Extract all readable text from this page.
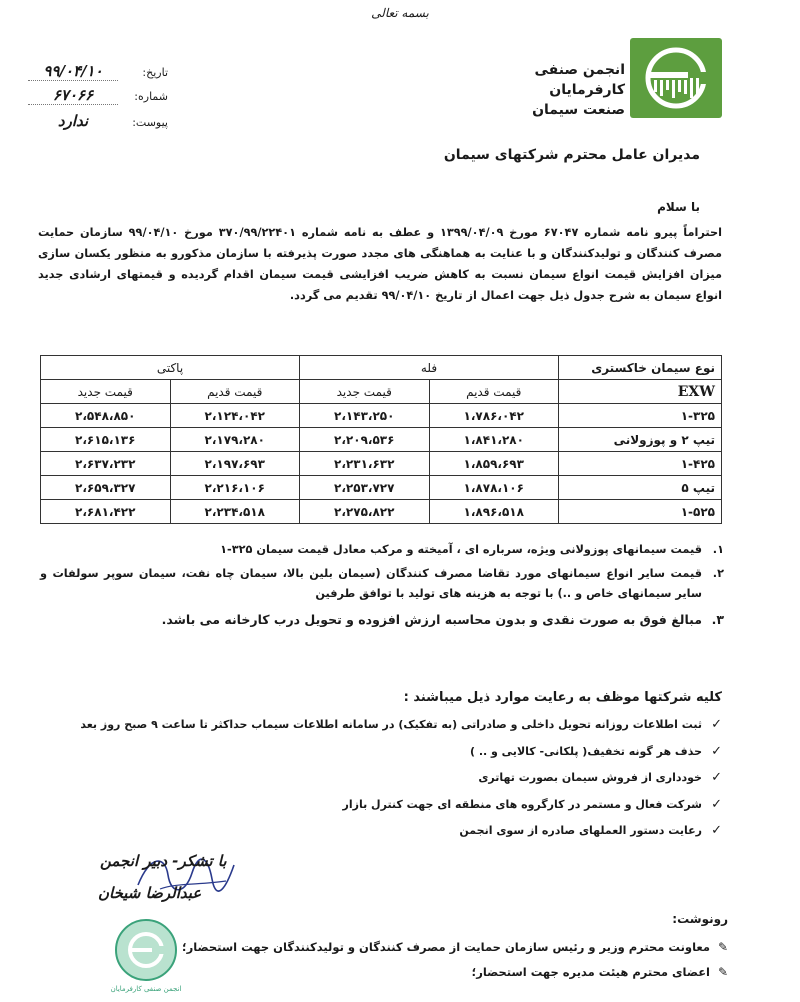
بسمه تعالی
انجمن صنفی
کارفرمایان
صنعت سیمان
تاریخ:
۹۹/۰۴/۱۰
شماره:
۶۷۰۶۶
پیوست:
ندارد
مدیران عامل محترم شرکتهای سیمان
با سلام
احتراماً پیرو نامه شماره ۶۷۰۴۷ مورخ ۱۳۹۹/۰۴/۰۹ و عطف به نامه شماره ۳۷۰/۹۹/۲۲۴۰۱ مورخ ۹۹/۰۴/۱۰ سازمان حمایت مصرف کنندگان و تولیدکنندگان و با عنایت به هماهنگی های مجدد صورت پذیرفته با سازمان مذکورو به منظور یکسان سازی میزان افزایش قیمت انواع سیمان نسبت به کاهش ضریب افزایشی قیمت سیمان اقدام گردیده و قیمتهای ارشادی جدید انواع سیمان به شرح جدول ذیل جهت اعمال از تاریخ ۹۹/۰۴/۱۰ تقدیم می گردد.
نوع سیمان خاکستری	فله		پاکتی	
EXW	قیمت قدیم	قیمت جدید	قیمت قدیم	قیمت جدید
۱-۳۲۵	۱،۷۸۶،۰۴۲	۲،۱۴۳،۲۵۰	۲،۱۲۴،۰۴۲	۲،۵۴۸،۸۵۰
تیپ ۲ و پوزولانی	۱،۸۴۱،۲۸۰	۲،۲۰۹،۵۳۶	۲،۱۷۹،۲۸۰	۲،۶۱۵،۱۳۶
۱-۴۲۵	۱،۸۵۹،۶۹۳	۲،۲۳۱،۶۳۲	۲،۱۹۷،۶۹۳	۲،۶۳۷،۲۳۲
تیپ ۵	۱،۸۷۸،۱۰۶	۲،۲۵۳،۷۲۷	۲،۲۱۶،۱۰۶	۲،۶۵۹،۳۲۷
۱-۵۲۵	۱،۸۹۶،۵۱۸	۲،۲۷۵،۸۲۲	۲،۲۳۴،۵۱۸	۲،۶۸۱،۴۲۲
۱.
قیمت سیمانهای پوزولانی ویژه، سرباره ای ، آمیخته و مرکب معادل قیمت سیمان ۳۲۵-۱
۲.
قیمت سایر انواع سیمانهای مورد تقاضا مصرف کنندگان (سیمان بلین بالا، سیمان چاه نفت، سیمان سوپر سولفات و سایر سیمانهای خاص و ..) با توجه به هزینه های تولید با توافق طرفین
۳.
مبالغ فوق به صورت نقدی و بدون محاسبه ارزش افزوده و تحویل درب کارخانه می باشد.
کلیه شرکتها موظف به رعایت موارد ذیل میباشند :
✓
ثبت اطلاعات روزانه تحویل داخلی و صادراتی (به تفکیک) در سامانه اطلاعات سیماب حداکثر تا ساعت ۹ صبح روز بعد
✓
حذف هر گونه تخفیف( پلکانی- کالایی و .. )
✓
خودداری از فروش سیمان بصورت تهاتری
✓
شرکت فعال و مستمر در کارگروه های منطقه ای جهت کنترل بازار
✓
رعایت دستور العملهای صادره از سوی انجمن
با تشکر- دبیر انجمن
عبدالرضا شیخان
انجمن صنفی کارفرمایان
رونوشت:
✎
معاونت محترم وزیر و رئیس سازمان حمایت از مصرف کنندگان و تولیدکنندگان جهت استحضار؛
✎
اعضای محترم هیئت مدیره جهت استحضار؛
